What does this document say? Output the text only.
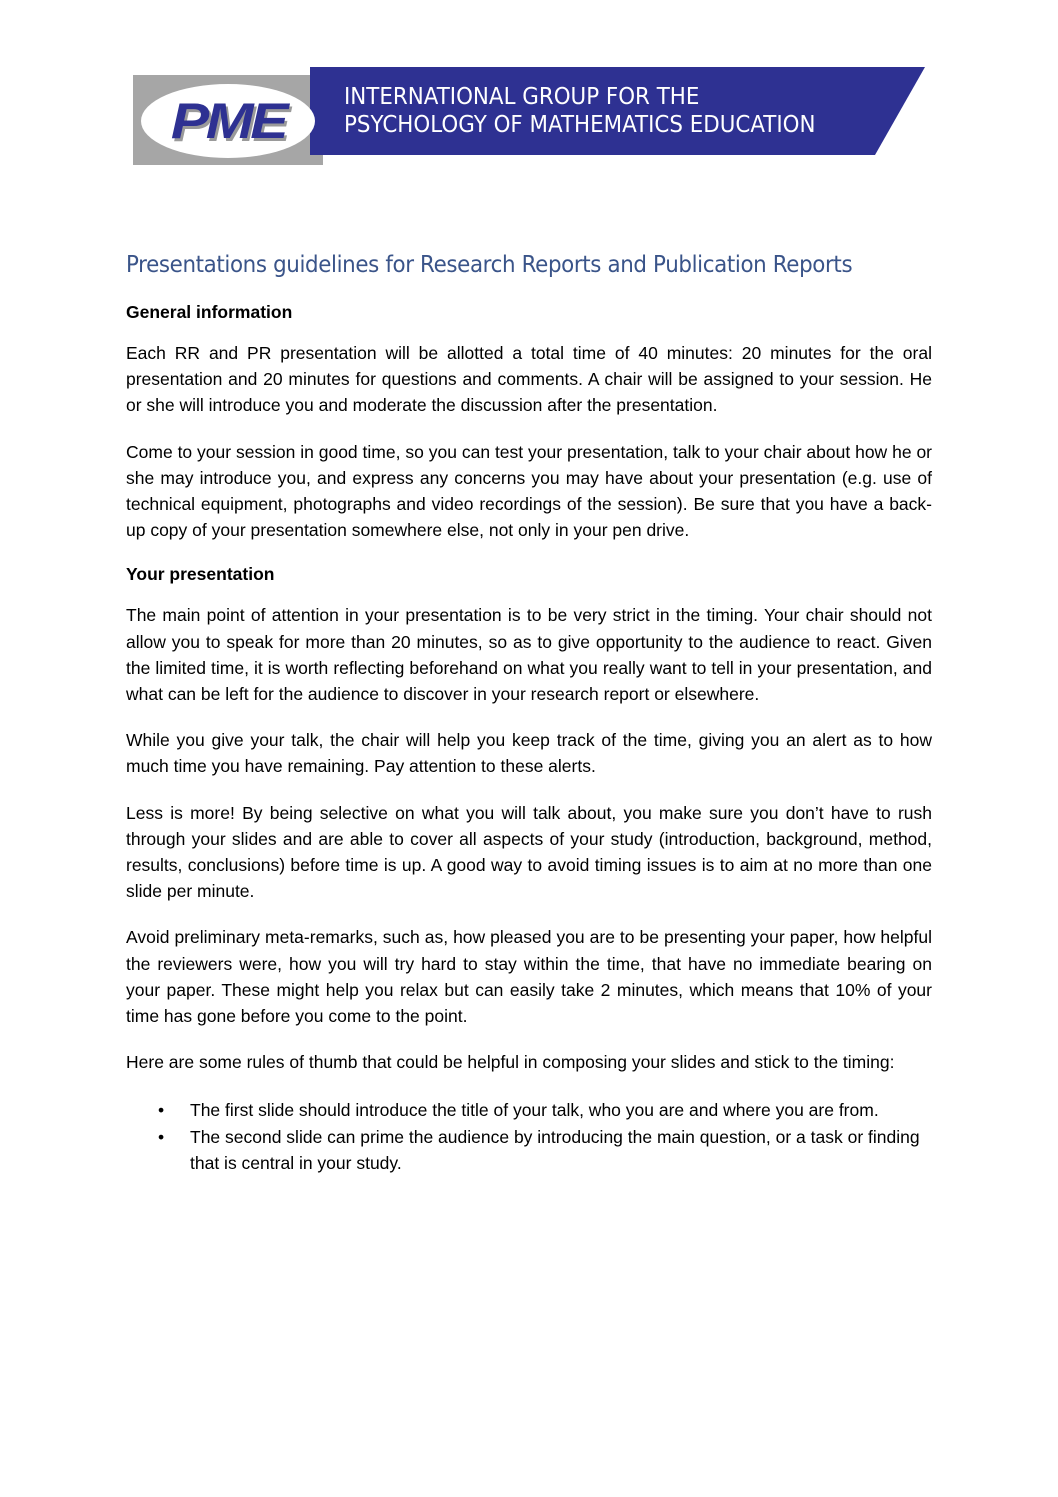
PME	INTERNATIONAL GROUP FOR THE
PSYCHOLOGY OF MATHEMATICS EDUCATION
Presentations guidelines for Research Reports and Publication Reports
General information

Each RR and PR presentation will be allotted a total time of 40 minutes: 20 minutes for the oral presentation and 20 minutes for questions and comments. A chair will be assigned to your session. He or she will introduce you and moderate the discussion after the presentation.

Come to your session in good time, so you can test your presentation, talk to your chair about how he or she may introduce you, and express any concerns you may have about your presentation (e.g. use of technical equipment, photographs and video recordings of the session). Be sure that you have a back-up copy of your presentation somewhere else, not only in your pen drive.

Your presentation

The main point of attention in your presentation is to be very strict in the timing. Your chair should not allow you to speak for more than 20 minutes, so as to give opportunity to the audience to react. Given the limited time, it is worth reflecting beforehand on what you really want to tell in your presentation, and what can be left for the audience to discover in your research report or elsewhere.

While you give your talk, the chair will help you keep track of the time, giving you an alert as to how much time you have remaining. Pay attention to these alerts.

Less is more! By being selective on what you will talk about, you make sure you don’t have to rush through your slides and are able to cover all aspects of your study (introduction, background, method, results, conclusions) before time is up. A good way to avoid timing issues is to aim at no more than one slide per minute.

Avoid preliminary meta-remarks, such as, how pleased you are to be presenting your paper, how helpful the reviewers were, how you will try hard to stay within the time, that have no immediate bearing on your paper. These might help you relax but can easily take 2 minutes, which means that 10% of your time has gone before you come to the point.

Here are some rules of thumb that could be helpful in composing your slides and stick to the timing:

• The first slide should introduce the title of your talk, who you are and where you are from.
• The second slide can prime the audience by introducing the main question, or a task or finding that is central in your study.
